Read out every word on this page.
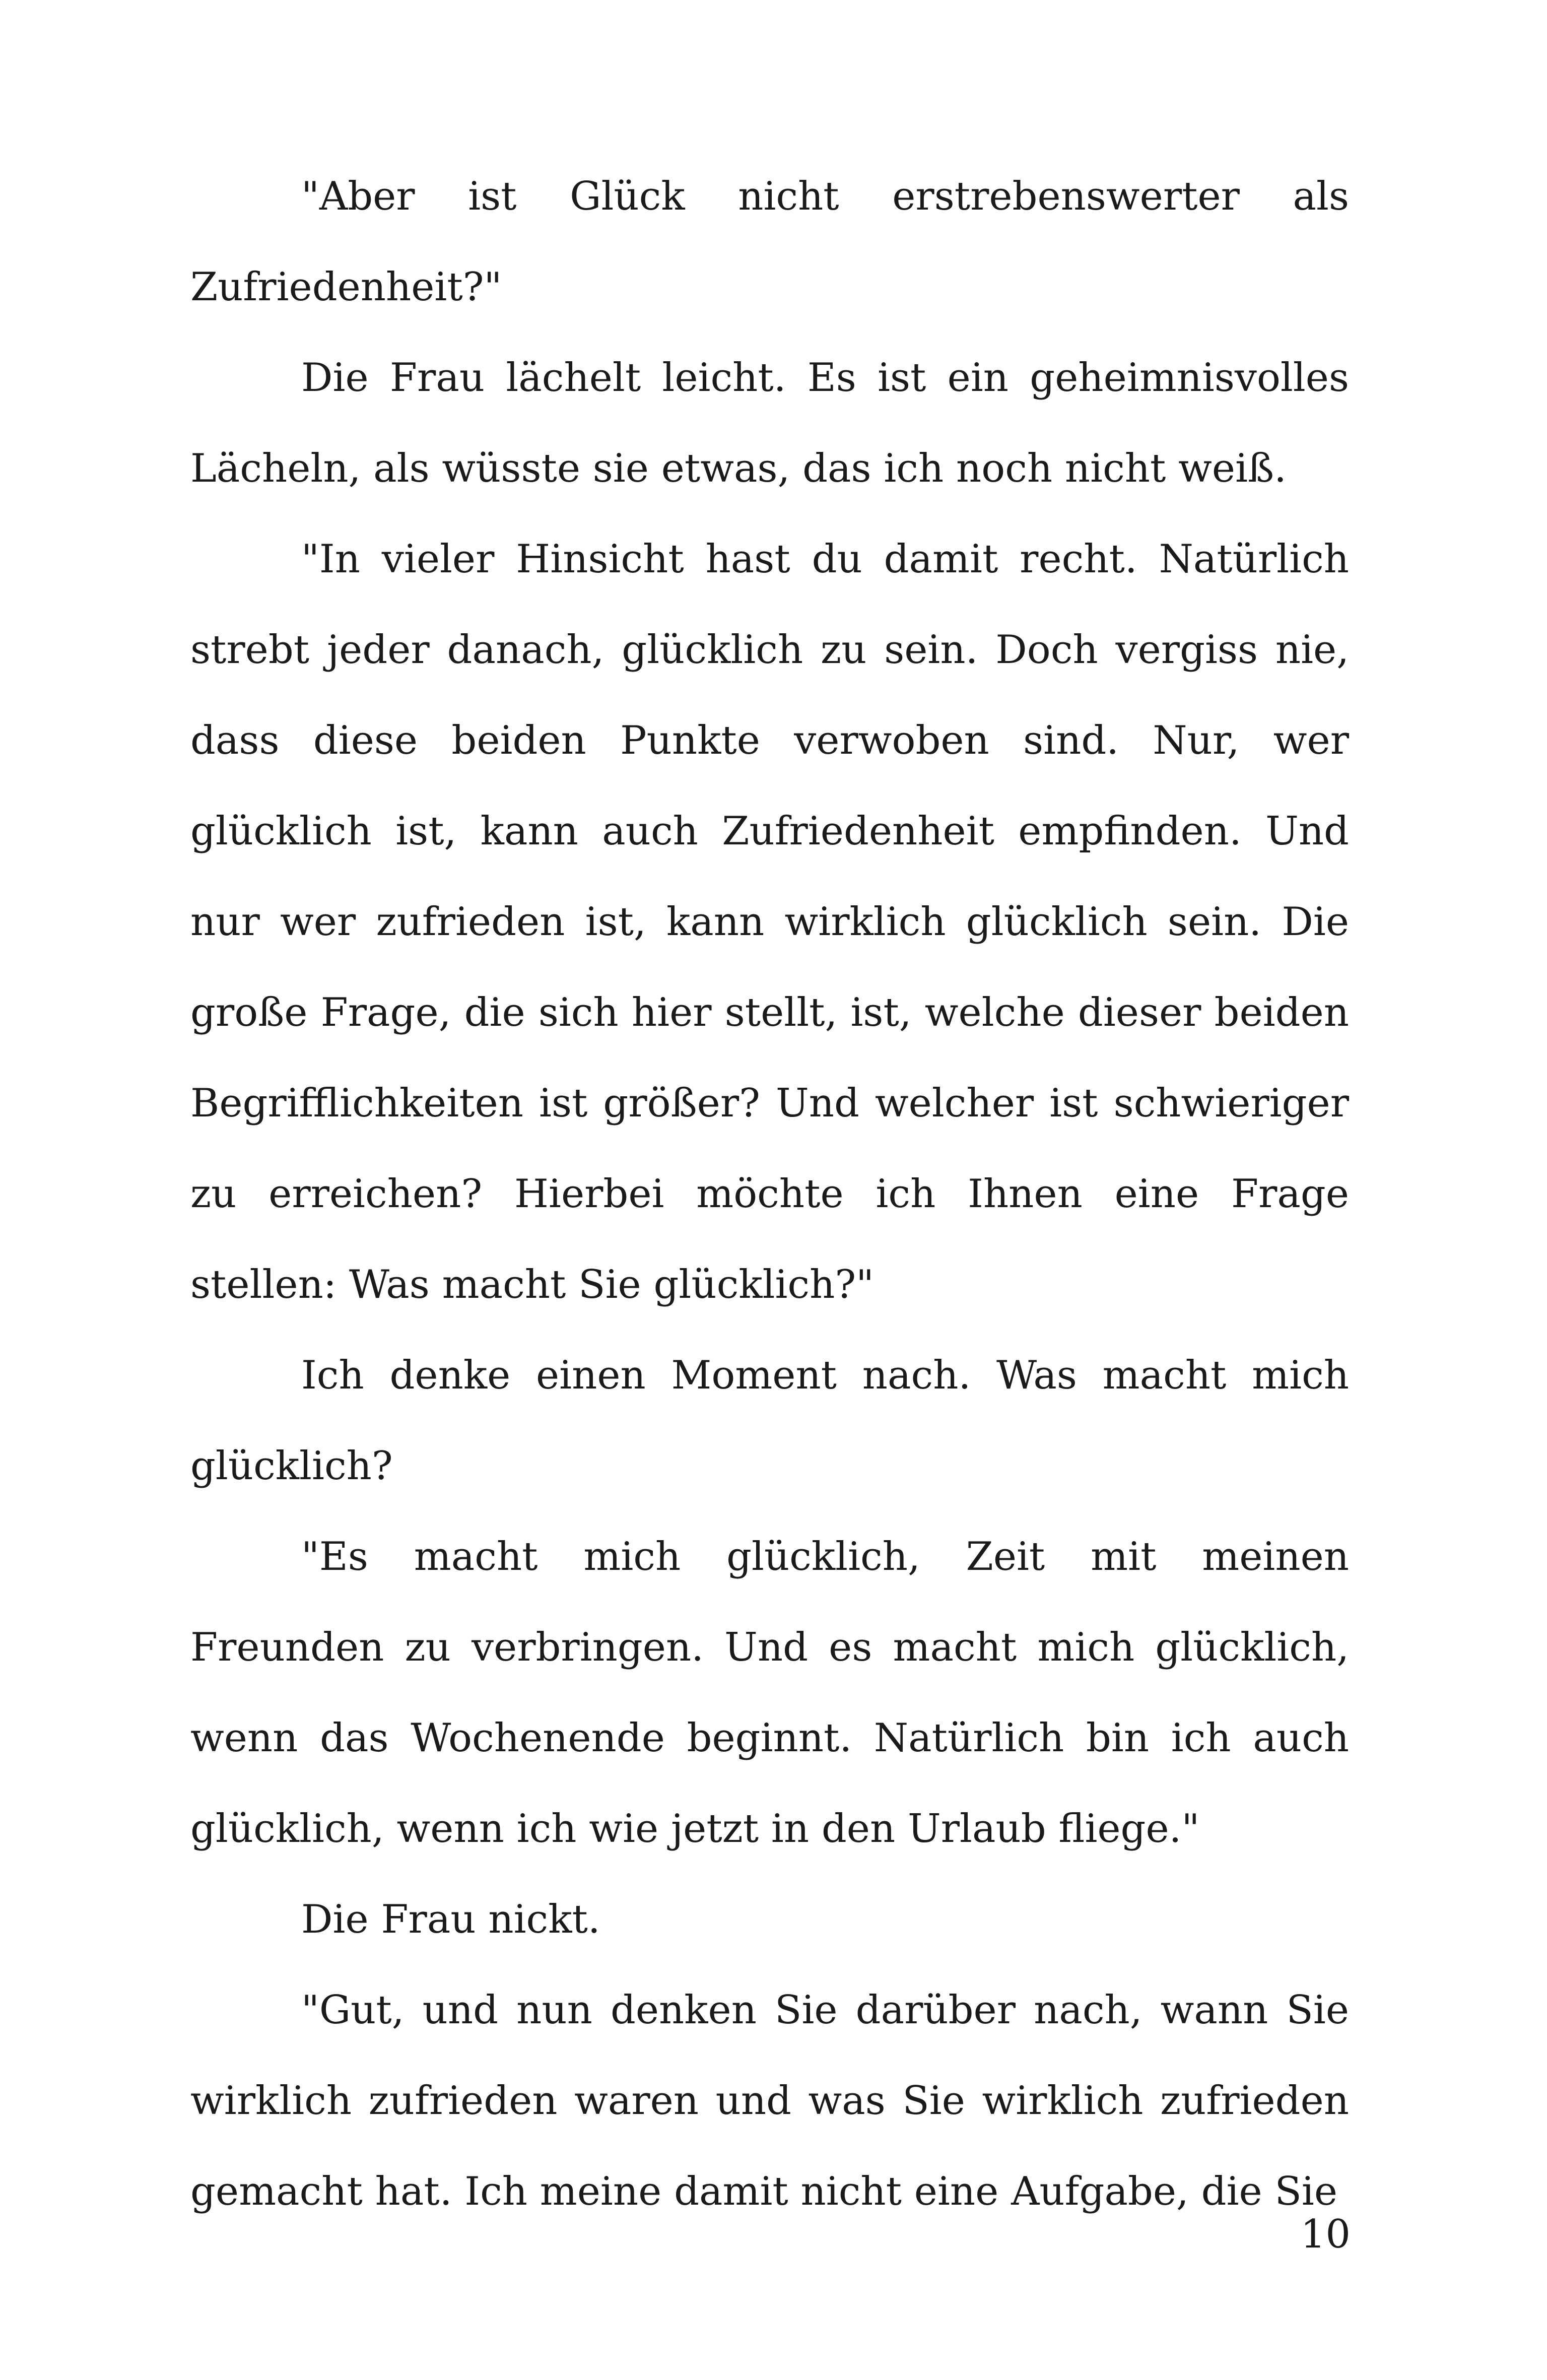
"Aber ist Glück nicht erstrebenswerter als Zufriedenheit?"

Die Frau lächelt leicht. Es ist ein geheimnisvolles Lächeln, als wüsste sie etwas, das ich noch nicht weiß.

"In vieler Hinsicht hast du damit recht. Natürlich strebt jeder danach, glücklich zu sein. Doch vergiss nie, dass diese beiden Punkte verwoben sind. Nur, wer glücklich ist, kann auch Zufriedenheit empfinden. Und nur wer zufrieden ist, kann wirklich glücklich sein. Die große Frage, die sich hier stellt, ist, welche dieser beiden Begrifflichkeiten ist größer? Und welcher ist schwieriger zu erreichen? Hierbei möchte ich Ihnen eine Frage stellen: Was macht Sie glücklich?"

Ich denke einen Moment nach. Was macht mich glücklich?

"Es macht mich glücklich, Zeit mit meinen Freunden zu verbringen. Und es macht mich glücklich, wenn das Wochenende beginnt. Natürlich bin ich auch glücklich, wenn ich wie jetzt in den Urlaub fliege."

Die Frau nickt.

"Gut, und nun denken Sie darüber nach, wann Sie wirklich zufrieden waren und was Sie wirklich zufrieden gemacht hat. Ich meine damit nicht eine Aufgabe, die Sie

10
